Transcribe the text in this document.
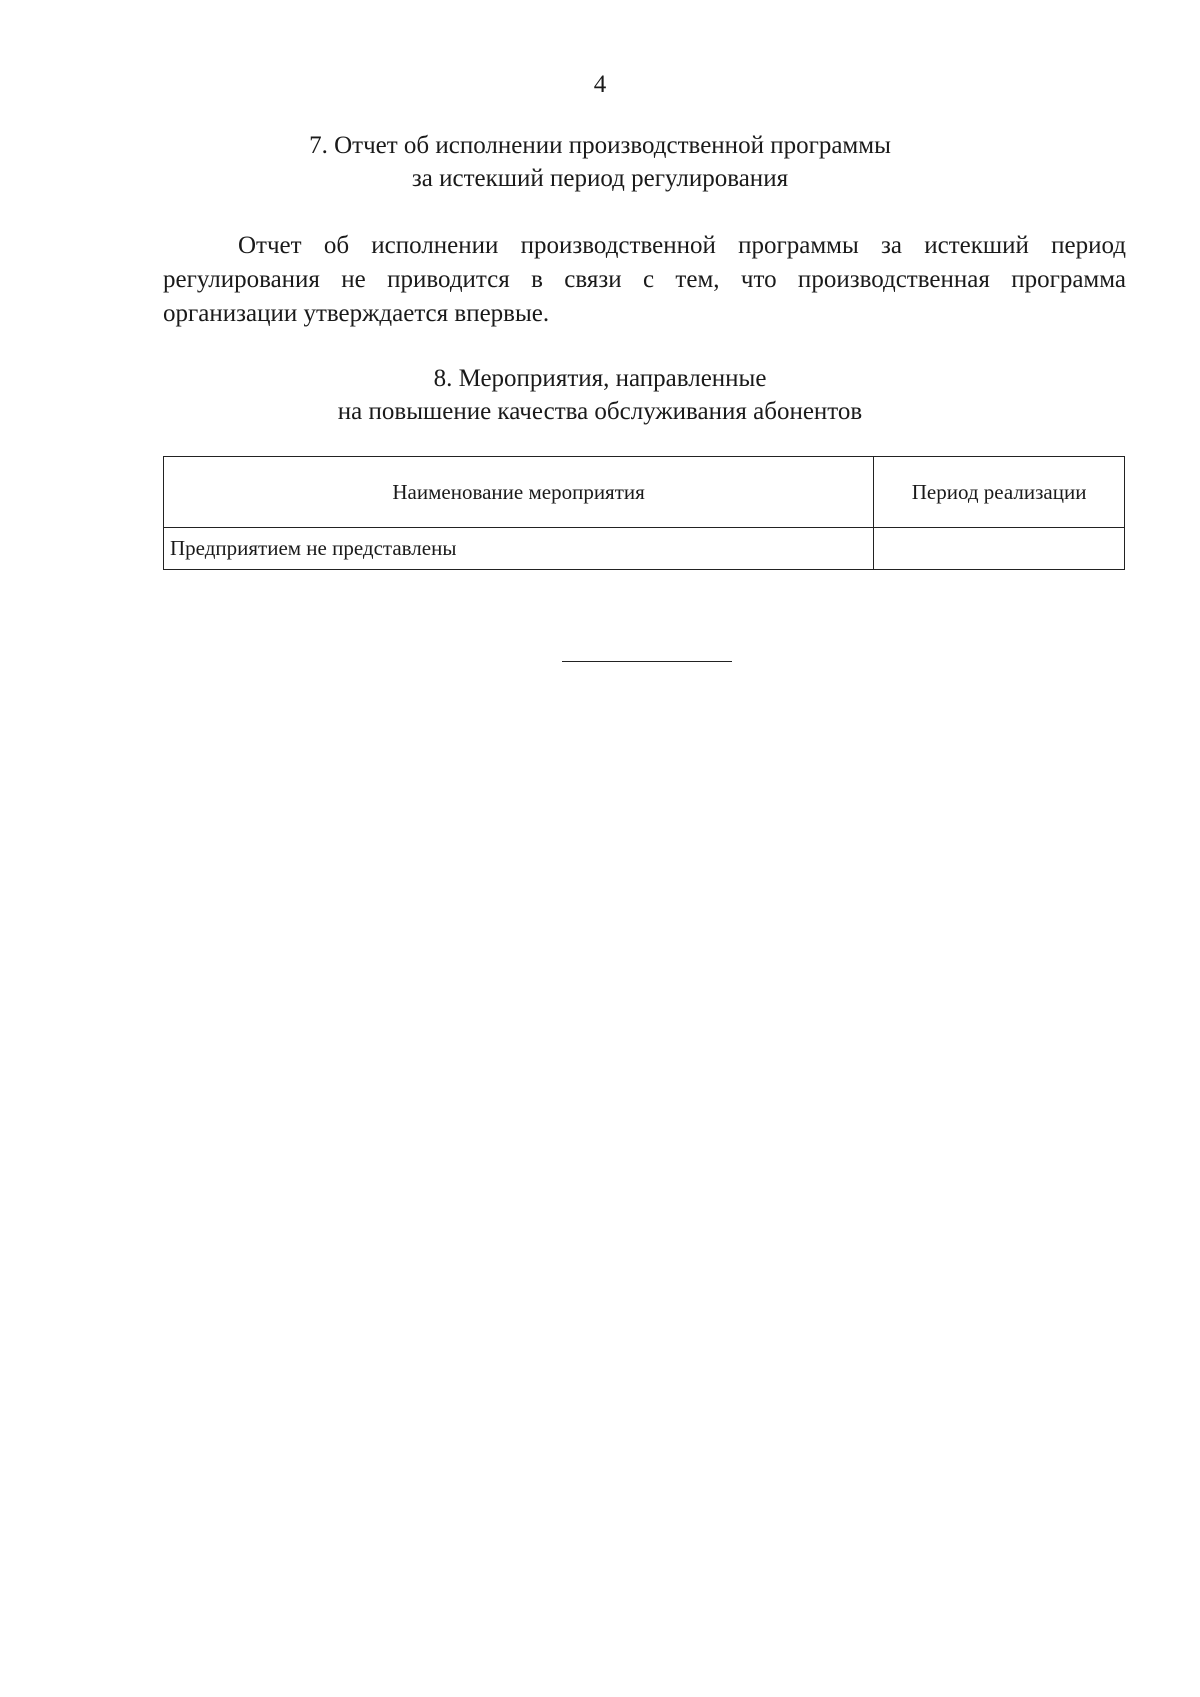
4
7. Отчет об исполнении производственной программы
за истекший период регулирования

Отчет об исполнении производственной программы за истекший период регулирования не приводится в связи с тем, что производственная программа организации утверждается впервые.

8. Мероприятия, направленные
на повышение качества обслуживания абонентов
Наименование мероприятия	Период реализации
Предприятием не представлены	
